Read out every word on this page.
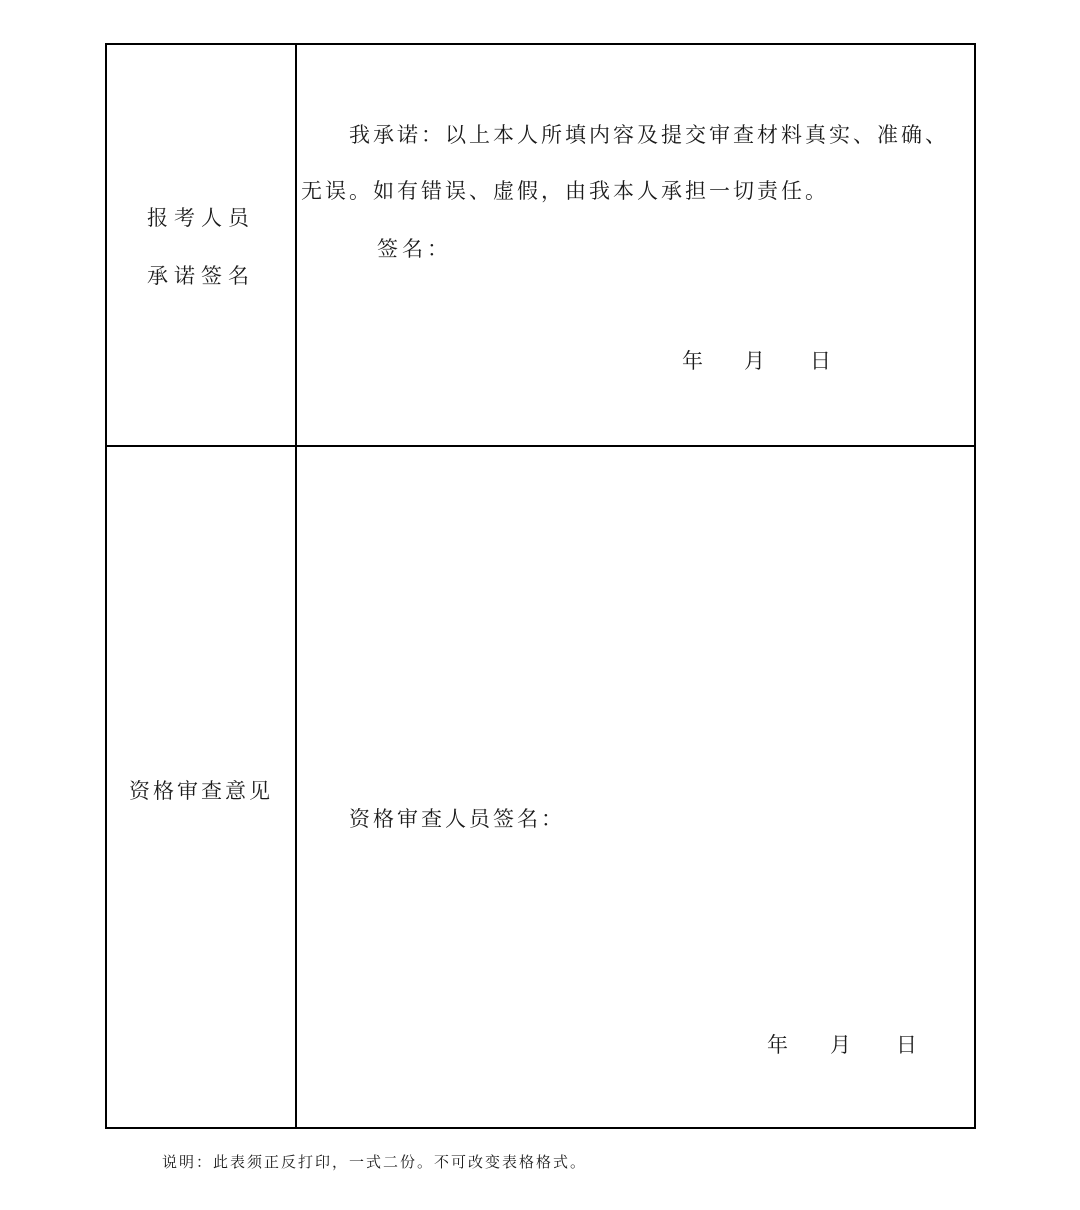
报考人员
承诺签名
我承诺：以上本人所填内容及提交审查材料真实、准确、
无误。如有错误、虚假，由我本人承担一切责任。
签名：
年 月 日
资格审查意见
资格审查人员签名：
年 月 日
说明：此表须正反打印，一式二份。不可改变表格格式。
